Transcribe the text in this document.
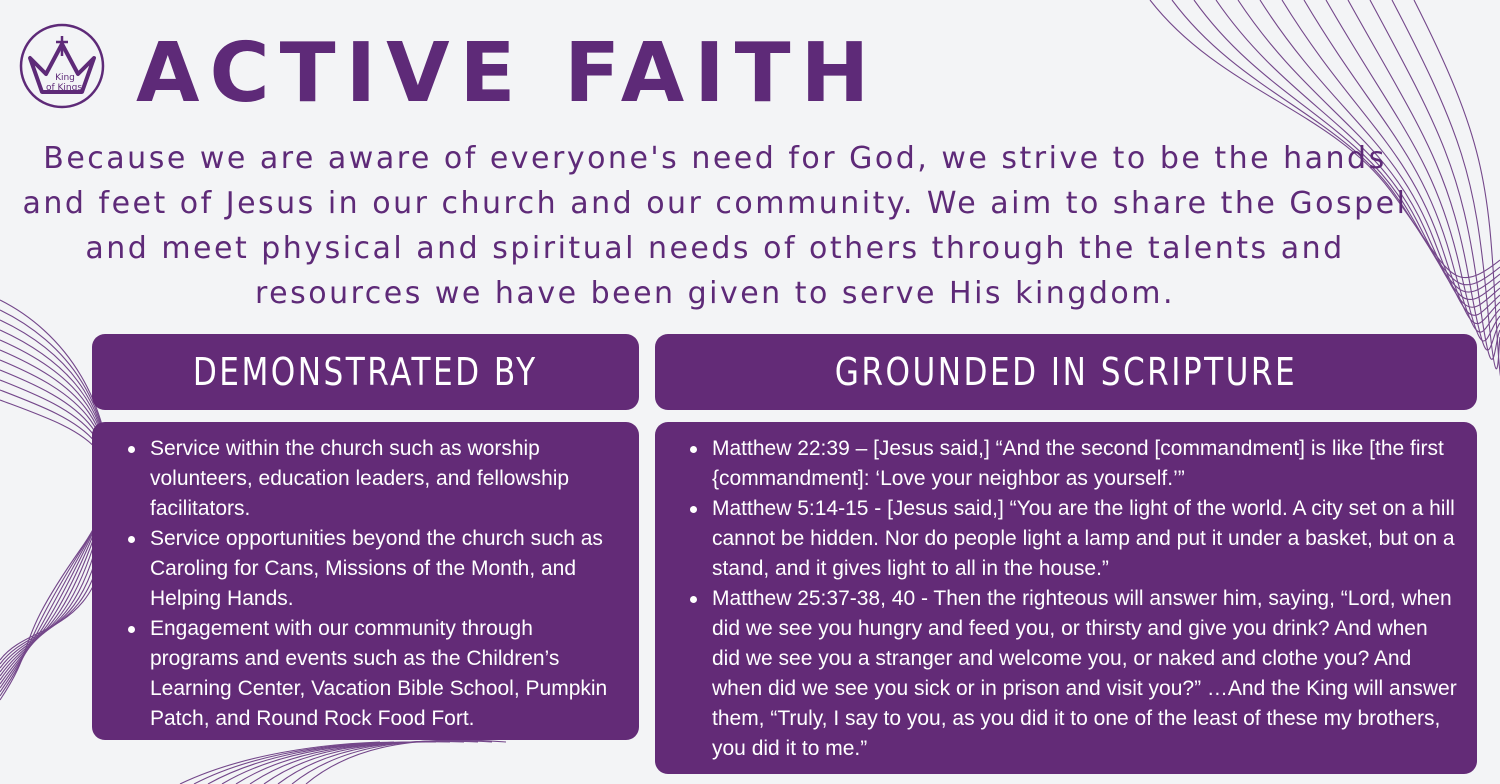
King
of Kings ACTIVE FAITH

Because we are aware of everyone's need for God, we strive to be the hands and feet of Jesus in our church and our community. We aim to share the Gospel and meet physical and spiritual needs of others through the talents and resources we have been given to serve His kingdom.

DEMONSTRATED BY	GROUNDED IN SCRIPTURE
Service within the church such as worship volunteers, education leaders, and fellowship facilitators.
Service opportunities beyond the church such as Caroling for Cans, Missions of the Month, and Helping Hands.
Engagement with our community through programs and events such as the Children’s Learning Center, Vacation Bible School, Pumpkin Patch, and Round Rock Food Fort.
Matthew 22:39 – [Jesus said,] “And the second [commandment] is like [the first {commandment]: ‘Love your neighbor as yourself.’”
Matthew 5:14-15 - [Jesus said,] “You are the light of the world. A city set on a hill cannot be hidden. Nor do people light a lamp and put it under a basket, but on a stand, and it gives light to all in the house.”
Matthew 25:37-38, 40 - Then the righteous will answer him, saying, “Lord, when did we see you hungry and feed you, or thirsty and give you drink? And when did we see you a stranger and welcome you, or naked and clothe you? And when did we see you sick or in prison and visit you?” …And the King will answer them, “Truly, I say to you, as you did it to one of the least of these my brothers, you did it to me.”
